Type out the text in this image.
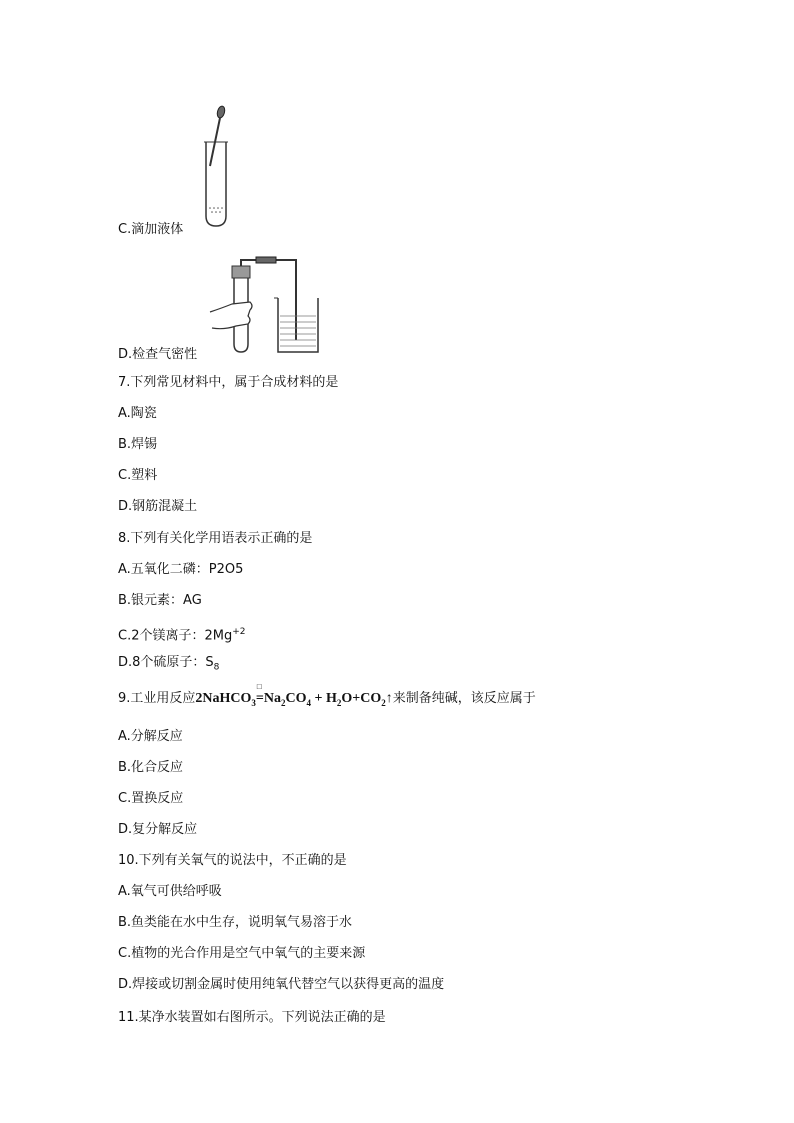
C.滴加液体
D.检查气密性
7.下列常见材料中，属于合成材料的是
A.陶瓷
B.焊锡
C.塑料
D.钢筋混凝土
8.下列有关化学用语表示正确的是
A.五氧化二磷：P2O5
B.银元素：AG
C.2个镁离子：$2Mg^{+2}$
D.8个硫原子：$S_8$
9.工业用反应2NaHCO$_3$
□
$=Na_2CO_4$ + $H_2O+CO_2↑$来制备纯碱，该反应属于
A.分解反应
B.化合反应
C.置换反应
D.复分解反应
10.下列有关氧气的说法中，不正确的是
A.氧气可供给呼吸
B.鱼类能在水中生存，说明氧气易溶于水
C.植物的光合作用是空气中氧气的主要来源
D.焊接或切割金属时使用纯氧代替空气以获得更高的温度
11.某净水装置如右图所示。下列说法正确的是
